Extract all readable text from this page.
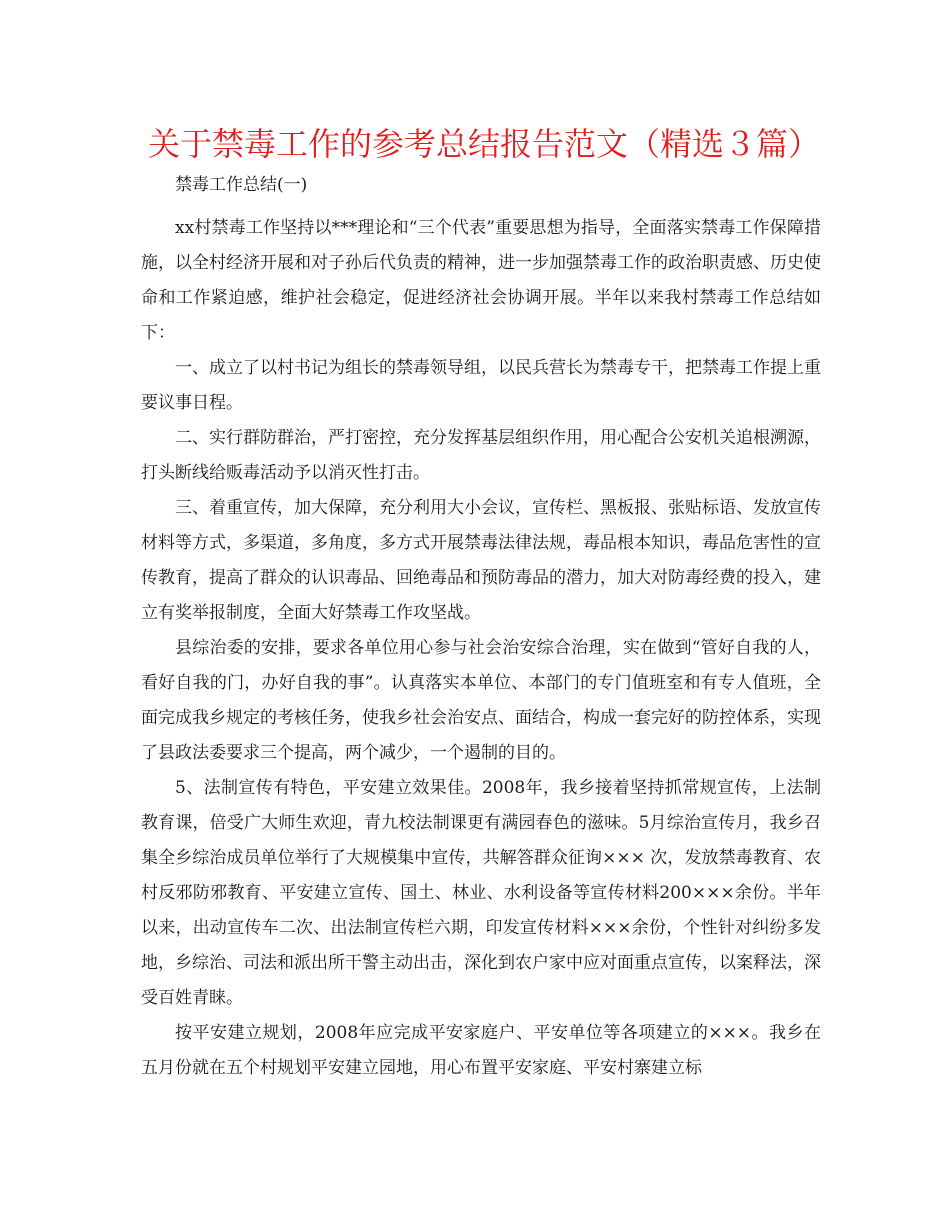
关于禁毒工作的参考总结报告范文（精选３篇）

禁毒工作总结(一)

xx村禁毒工作坚持以***理论和“三个代表”重要思想为指导，全面落实禁毒工作保障措施，以全村经济开展和对子孙后代负责的精神，进一步加强禁毒工作的政治职责感、历史使命和工作紧迫感，维护社会稳定，促进经济社会协调开展。半年以来我村禁毒工作总结如下：

一、成立了以村书记为组长的禁毒领导组，以民兵营长为禁毒专干，把禁毒工作提上重要议事日程。

二、实行群防群治，严打密控，充分发挥基层组织作用，用心配合公安机关追根溯源，打头断线给贩毒活动予以消灭性打击。

三、着重宣传，加大保障，充分利用大小会议，宣传栏、黑板报、张贴标语、发放宣传材料等方式，多渠道，多角度，多方式开展禁毒法律法规，毒品根本知识，毒品危害性的宣传教育，提高了群众的认识毒品、回绝毒品和预防毒品的潜力，加大对防毒经费的投入，建立有奖举报制度，全面大好禁毒工作攻坚战。

县综治委的安排，要求各单位用心参与社会治安综合治理，实在做到“管好自我的人，看好自我的门，办好自我的事”。认真落实本单位、本部门的专门值班室和有专人值班，全面完成我乡规定的考核任务，使我乡社会治安点、面结合，构成一套完好的防控体系，实现了县政法委要求三个提高，两个减少，一个遏制的目的。

5、法制宣传有特色，平安建立效果佳。2008年，我乡接着坚持抓常规宣传，上法制教育课，倍受广大师生欢迎，青九校法制课更有满园春色的滋味。5月综治宣传月，我乡召集全乡综治成员单位举行了大规模集中宣传，共解答群众征询××× 次，发放禁毒教育、农村反邪防邪教育、平安建立宣传、国土、林业、水利设备等宣传材料200×××余份。半年以来，出动宣传车二次、出法制宣传栏六期，印发宣传材料×××余份，个性针对纠纷多发地，乡综治、司法和派出所干警主动出击，深化到农户家中应对面重点宣传，以案释法，深受百姓青睐。

按平安建立规划，2008年应完成平安家庭户、平安单位等各项建立的×××。我乡在五月份就在五个村规划平安建立园地，用心布置平安家庭、平安村寨建立标
